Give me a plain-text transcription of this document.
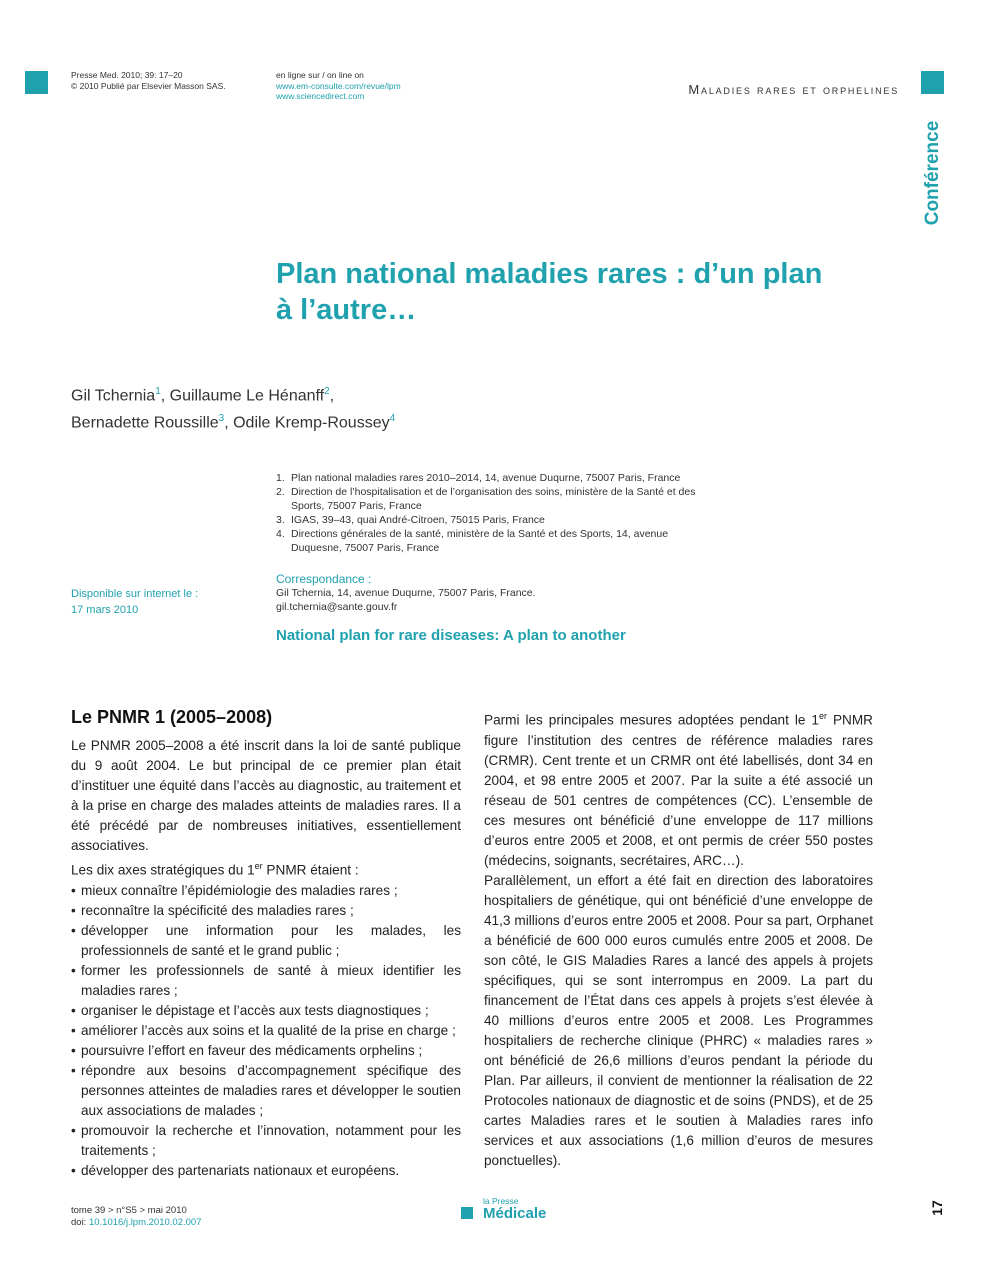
Presse Med. 2010; 39: 17–20
© 2010 Publié par Elsevier Masson SAS.
en ligne sur / on line on
www.em-consulte.com/revue/lpm
www.sciencedirect.com	Maladies rares et orphelines
Conférence
Plan national maladies rares : d’un plan
à l’autre…
Gil Tchernia$^1$, Guillaume Le Hénanff$^2$,
Bernadette Roussille$^3$, Odile Kremp-Roussey$^4$
1. Plan national maladies rares 2010–2014, 14, avenue Duqurne, 75007 Paris, France
2. Direction de l’hospitalisation et de l’organisation des soins, ministère de la Santé et des Sports, 75007 Paris, France
3. IGAS, 39–43, quai André-Citroen, 75015 Paris, France
4. Directions générales de la santé, ministère de la Santé et des Sports, 14, avenue Duquesne, 75007 Paris, France
Disponible sur internet le :
17 mars 2010
Correspondance :
Gil Tchernia, 14, avenue Duqurne, 75007 Paris, France.
gil.tchernia@sante.gouv.fr
National plan for rare diseases: A plan to another
Le PNMR 1 (2005–2008)

Le PNMR 2005–2008 a été inscrit dans la loi de santé publique du 9 août 2004. Le but principal de ce premier plan était d’instituer une équité dans l’accès au diagnostic, au traitement et à la prise en charge des malades atteints de maladies rares. Il a été précédé par de nombreuses initiatives, essentiellement associatives.

Les dix axes stratégiques du 1er PNMR étaient :

• mieux connaître l’épidémiologie des maladies rares ;
• reconnaître la spécificité des maladies rares ;
• développer une information pour les malades, les professionnels de santé et le grand public ;
• former les professionnels de santé à mieux identifier les maladies rares ;
• organiser le dépistage et l’accès aux tests diagnostiques ;
• améliorer l’accès aux soins et la qualité de la prise en charge ;
• poursuivre l’effort en faveur des médicaments orphelins ;
• répondre aux besoins d’accompagnement spécifique des personnes atteintes de maladies rares et développer le soutien aux associations de malades ;
• promouvoir la recherche et l’innovation, notamment pour les traitements ;
• développer des partenariats nationaux et européens.

Parmi les principales mesures adoptées pendant le 1er PNMR figure l’institution des centres de référence maladies rares (CRMR). Cent trente et un CRMR ont été labellisés, dont 34 en 2004, et 98 entre 2005 et 2007. Par la suite a été associé un réseau de 501 centres de compétences (CC). L’ensemble de ces mesures ont bénéficié d’une enveloppe de 117 millions d’euros entre 2005 et 2008, et ont permis de créer 550 postes (médecins, soignants, secrétaires, ARC…).

Parallèlement, un effort a été fait en direction des laboratoires hospitaliers de génétique, qui ont bénéficié d’une enveloppe de 41,3 millions d’euros entre 2005 et 2008. Pour sa part, Orphanet a bénéficié de 600 000 euros cumulés entre 2005 et 2008. De son côté, le GIS Maladies Rares a lancé des appels à projets spécifiques, qui se sont interrompus en 2009. La part du financement de l’État dans ces appels à projets s’est élevée à 40 millions d’euros entre 2005 et 2008. Les Programmes hospitaliers de recherche clinique (PHRC) « maladies rares » ont bénéficié de 26,6 millions d’euros pendant la période du Plan. Par ailleurs, il convient de mentionner la réalisation de 22 Protocoles nationaux de diagnostic et de soins (PNDS), et de 25 cartes Maladies rares et le soutien à Maladies rares info services et aux associations (1,6 million d’euros de mesures ponctuelles).

tome 39 > n°S5 > mai 2010
doi: 10.1016/j.lpm.2010.02.007
la Presse
Médicale	17
